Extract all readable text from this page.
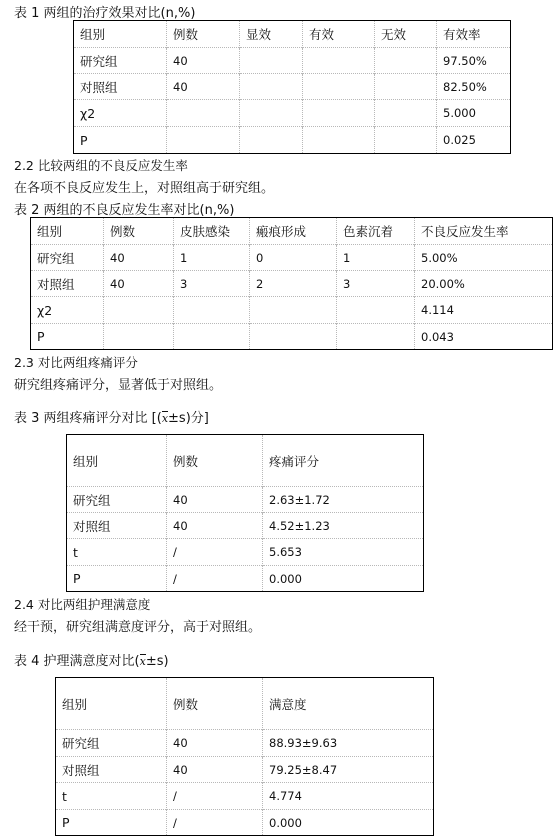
表 1 两组的治疗效果对比(n,%)
组别	例数	显效	有效	无效	有效率
研究组	40				97.50%
对照组	40				82.50%
χ2					5.000
P					0.025
2.2 比较两组的不良反应发生率
在各项不良反应发生上，对照组高于研究组。
表 2 两组的不良反应发生率对比(n,%)
组别	例数	皮肤感染	瘢痕形成	色素沉着	不良反应发生率
研究组	40	1	0	1	5.00%
对照组	40	3	2	3	20.00%
χ2					4.114
P					0.043
2.3 对比两组疼痛评分
研究组疼痛评分，显著低于对照组。
表 3 两组疼痛评分对比 [(x±s)分]
组别	例数	疼痛评分
研究组	40	2.63±1.72
对照组	40	4.52±1.23
t	/	5.653
P	/	0.000
2.4 对比两组护理满意度
经干预，研究组满意度评分，高于对照组。
表 4 护理满意度对比(x±s)
组别	例数	满意度
研究组	40	88.93±9.63
对照组	40	79.25±8.47
t	/	4.774
P	/	0.000
